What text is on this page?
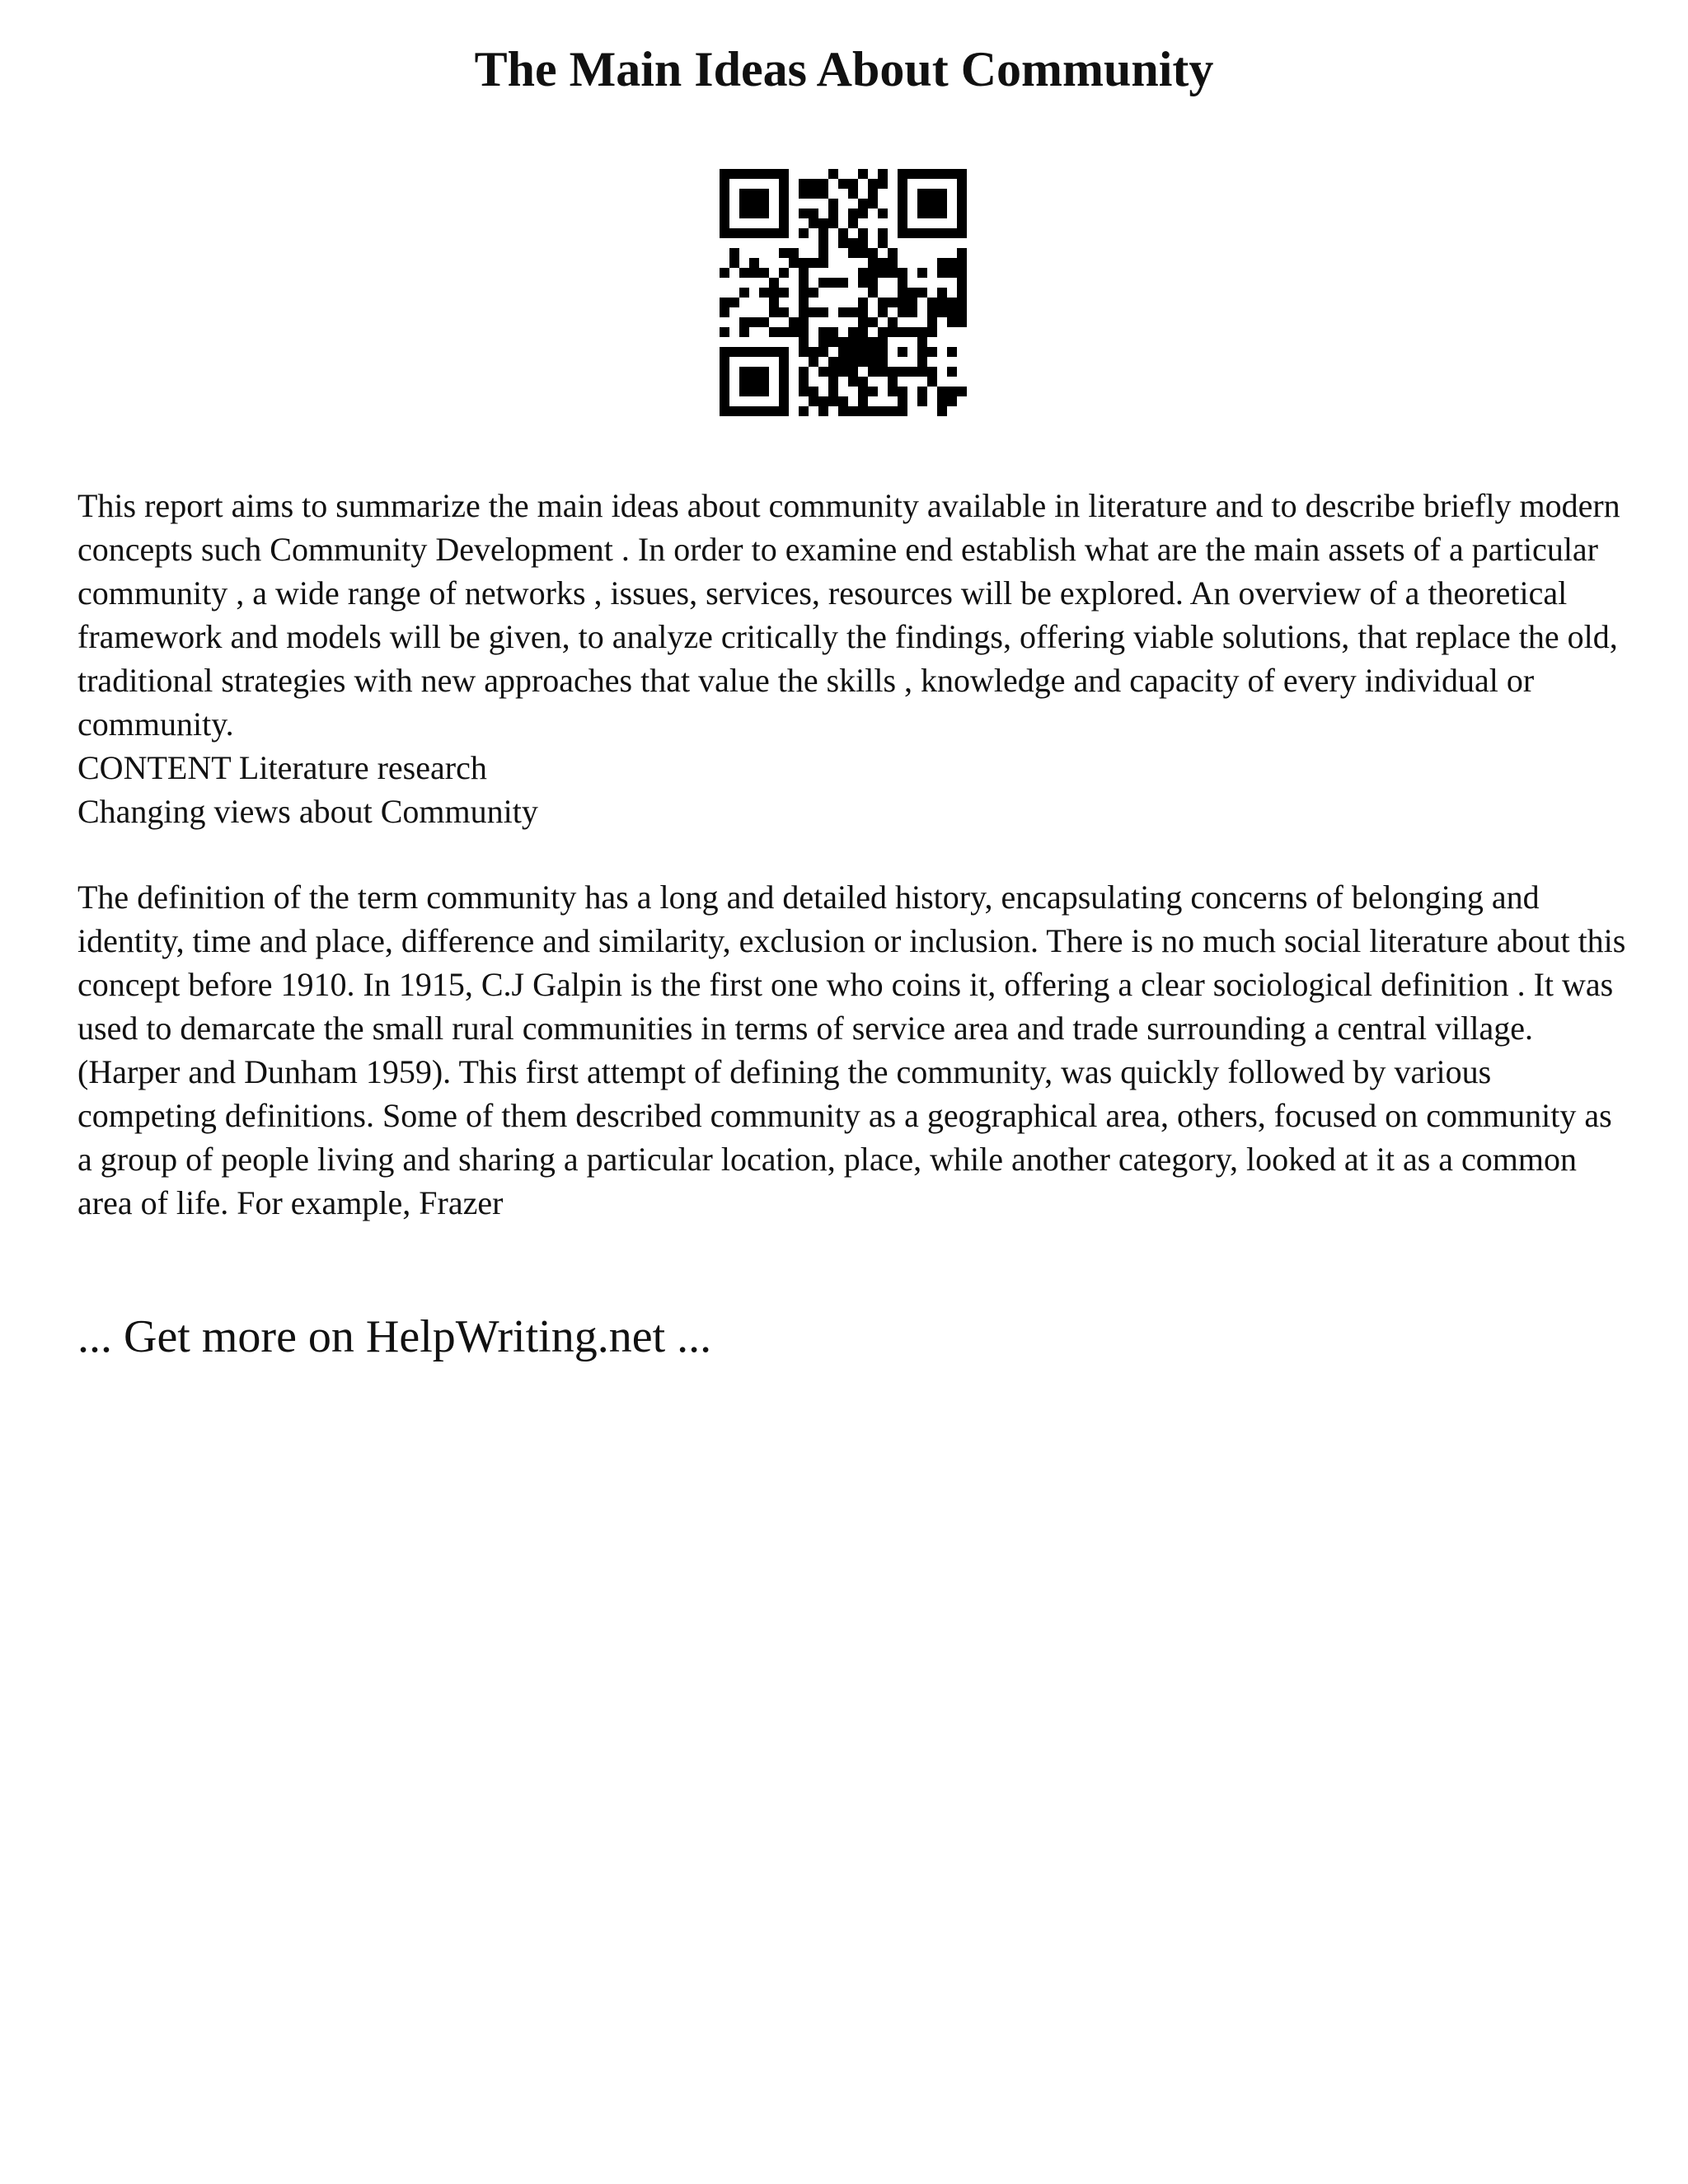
The Main Ideas About Community

This report aims to summarize the main ideas about community available in literature and to describe briefly modern concepts such Community Development . In order to examine end establish what are the main assets of a particular community , a wide range of networks , issues, services, resources will be explored. An overview of a theoretical framework and models will be given, to analyze critically the findings, offering viable solutions, that replace the old, traditional strategies with new approaches that value the skills , knowledge and capacity of every individual or community.

CONTENT Literature research

Changing views about Community

The definition of the term community has a long and detailed history, encapsulating concerns of belonging and identity, time and place, difference and similarity, exclusion or inclusion. There is no much social literature about this concept before 1910. In 1915, C.J Galpin is the first one who coins it, offering a clear sociological definition . It was used to demarcate the small rural communities in terms of service area and trade surrounding a central village. (Harper and Dunham 1959). This first attempt of defining the community, was quickly followed by various competing definitions. Some of them described community as a geographical area, others, focused on community as a group of people living and sharing a particular location, place, while another category, looked at it as a common area of life. For example, Frazer

... Get more on HelpWriting.net ...
